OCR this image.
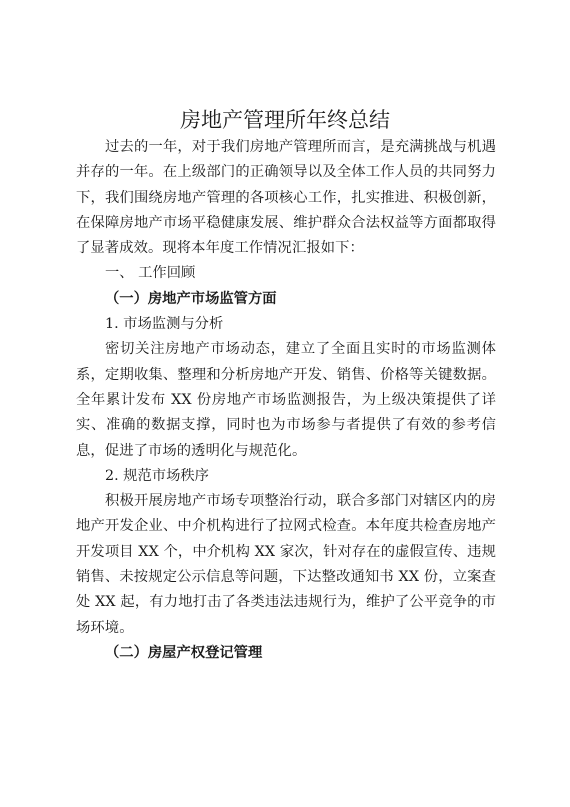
房地产管理所年终总结

过去的一年，对于我们房地产管理所而言，是充满挑战与机遇并存的一年。在上级部门的正确领导以及全体工作人员的共同努力下，我们围绕房地产管理的各项核心工作，扎实推进、积极创新，在保障房地产市场平稳健康发展、维护群众合法权益等方面都取得了显著成效。现将本年度工作情况汇报如下：

一、 工作回顾

（一）房地产市场监管方面

1. 市场监测与分析

密切关注房地产市场动态，建立了全面且实时的市场监测体系，定期收集、整理和分析房地产开发、销售、价格等关键数据。全年累计发布 XX 份房地产市场监测报告，为上级决策提供了详实、准确的数据支撑，同时也为市场参与者提供了有效的参考信息，促进了市场的透明化与规范化。

2. 规范市场秩序

积极开展房地产市场专项整治行动，联合多部门对辖区内的房地产开发企业、中介机构进行了拉网式检查。本年度共检查房地产开发项目 XX 个，中介机构 XX 家次，针对存在的虚假宣传、违规销售、未按规定公示信息等问题，下达整改通知书 XX 份，立案查处 XX 起，有力地打击了各类违法违规行为，维护了公平竞争的市场环境。

（二）房屋产权登记管理
